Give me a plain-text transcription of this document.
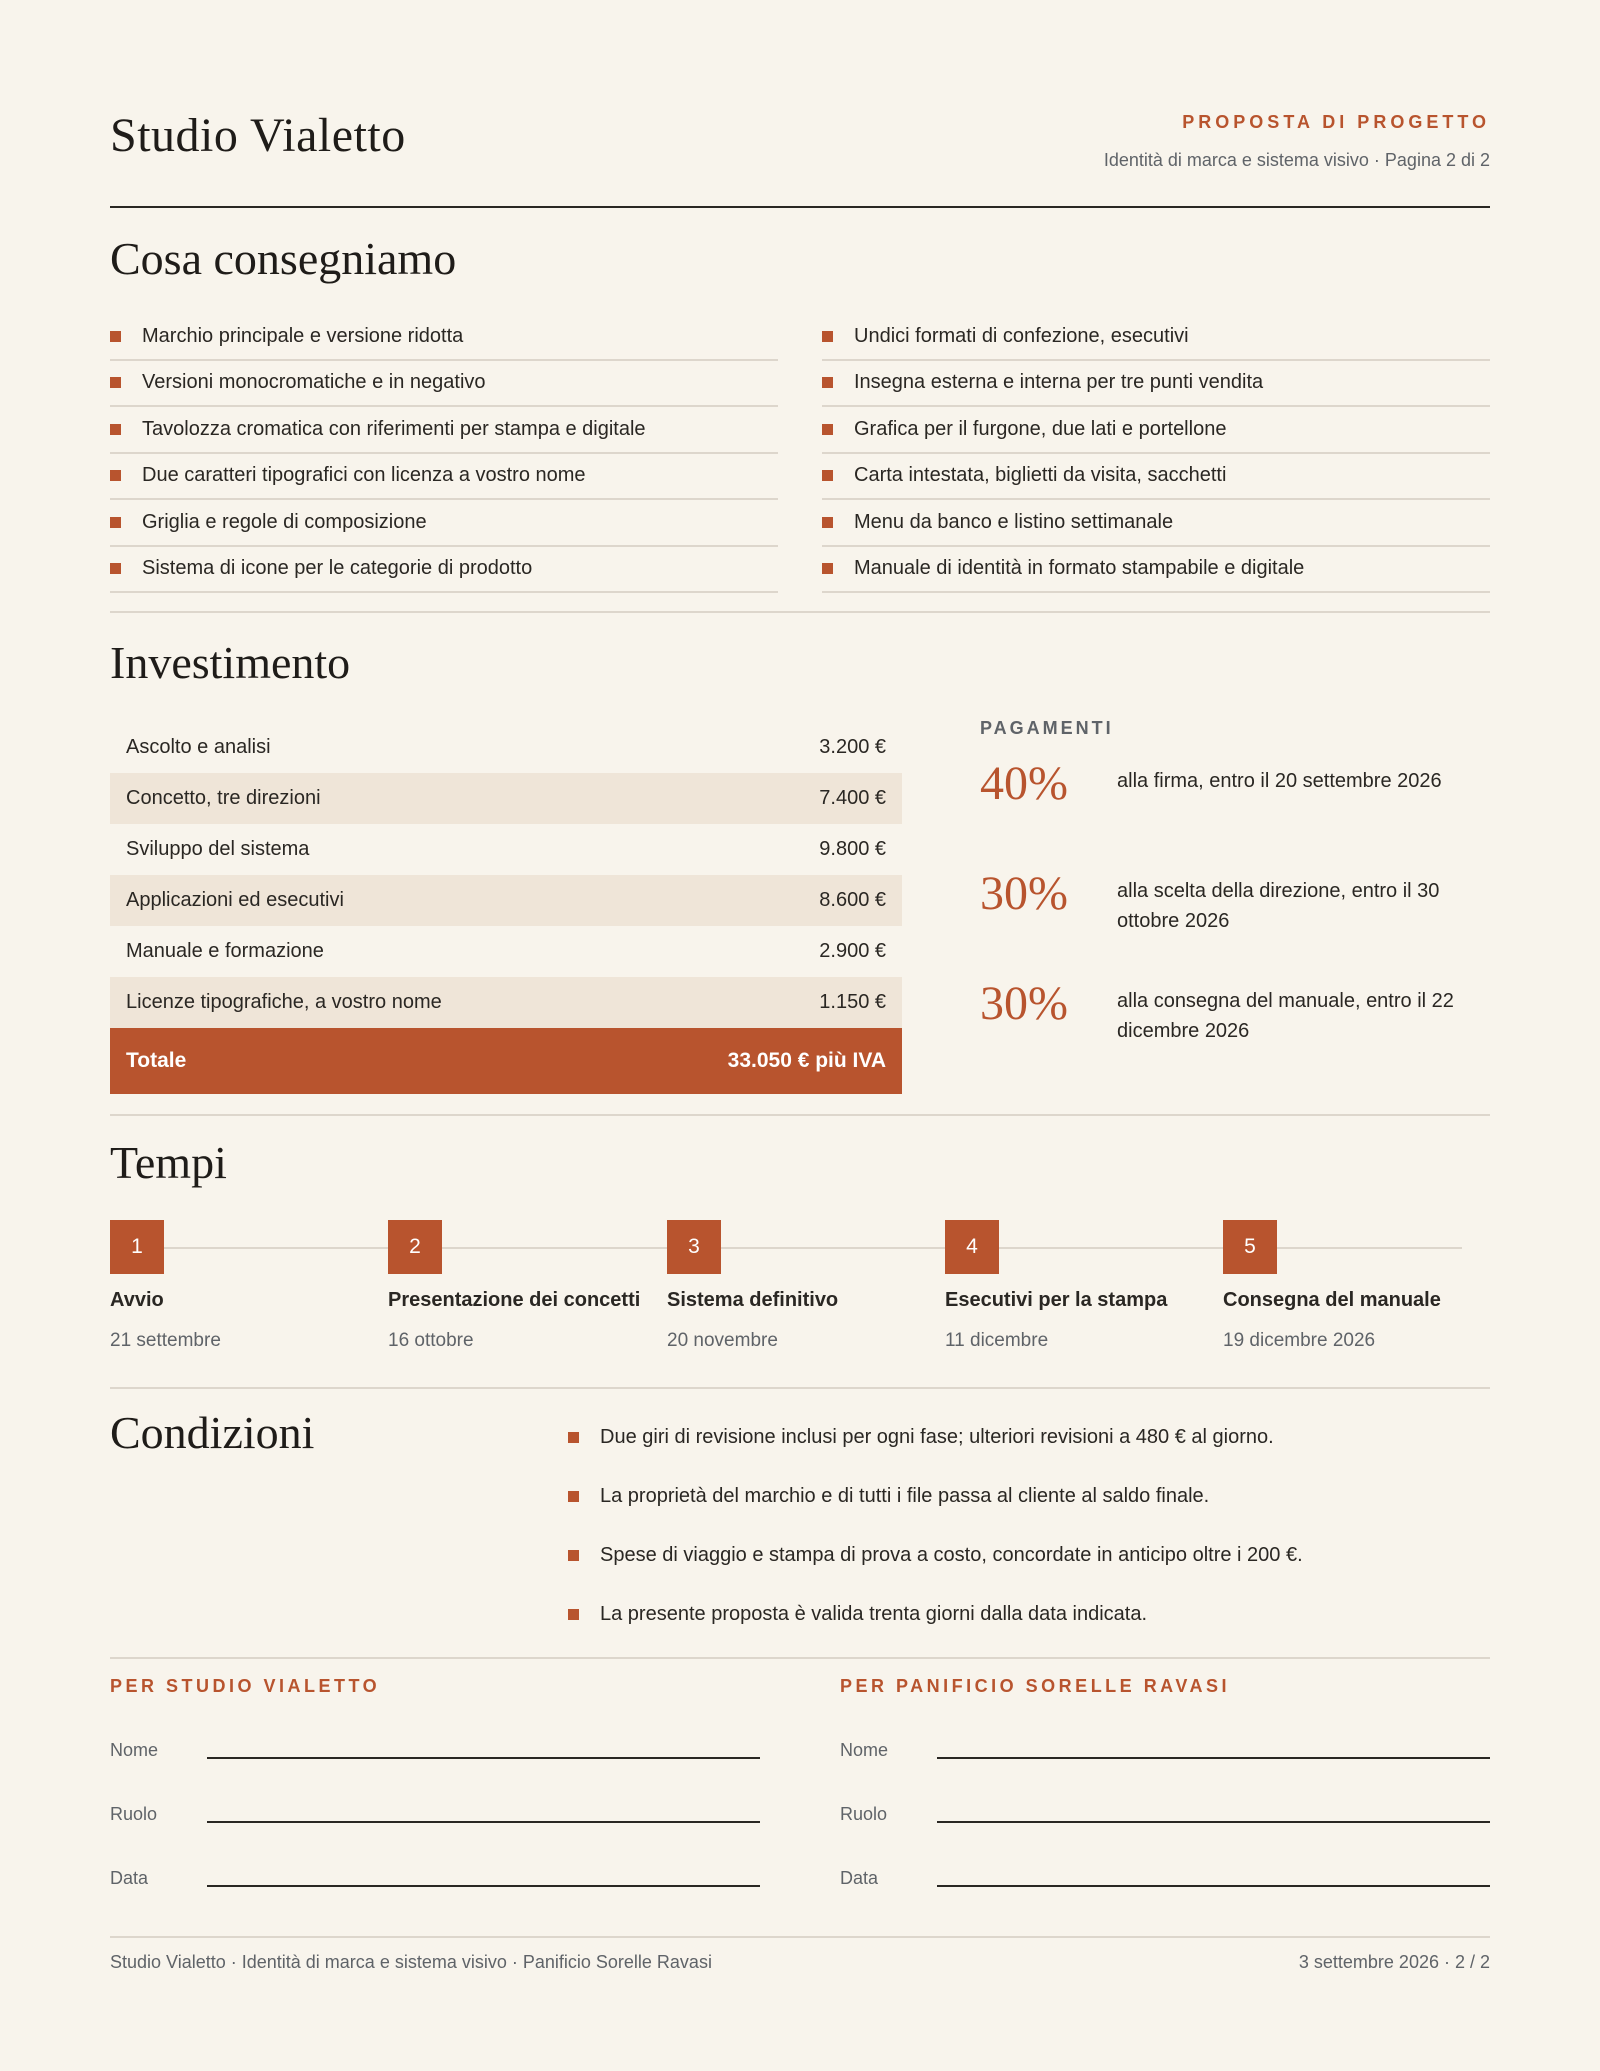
Studio Vialetto	PROPOSTA DI PROGETTO
Identità di marca e sistema visivo · Pagina 2 di 2
Cosa consegniamo
Marchio principale e versione ridotta
Versioni monocromatiche e in negativo
Tavolozza cromatica con riferimenti per stampa e digitale
Due caratteri tipografici con licenza a vostro nome
Griglia e regole di composizione
Sistema di icone per le categorie di prodotto
Undici formati di confezione, esecutivi
Insegna esterna e interna per tre punti vendita
Grafica per il furgone, due lati e portellone
Carta intestata, biglietti da visita, sacchetti
Menu da banco e listino settimanale
Manuale di identità in formato stampabile e digitale
Investimento
Ascolto e analisi	3.200 €
Concetto, tre direzioni	7.400 €
Sviluppo del sistema	9.800 €
Applicazioni ed esecutivi	8.600 €
Manuale e formazione	2.900 €
Licenze tipografiche, a vostro nome	1.150 €
Totale	33.050 € più IVA
PAGAMENTI
40% alla firma, entro il 20 settembre 2026
30% alla scelta della direzione, entro il 30 ottobre 2026
30% alla consegna del manuale, entro il 22 dicembre 2026
Tempi
1
Avvio
21 settembre
2
Presentazione dei concetti
16 ottobre
3
Sistema definitivo
20 novembre
4
Esecutivi per la stampa
11 dicembre
5
Consegna del manuale
19 dicembre 2026
Condizioni	Due giri di revisione inclusi per ogni fase; ulteriori revisioni a 480 € al giorno.
La proprietà del marchio e di tutti i file passa al cliente al saldo finale.
Spese di viaggio e stampa di prova a costo, concordate in anticipo oltre i 200 €.
La presente proposta è valida trenta giorni dalla data indicata.
PER STUDIO VIALETTO
Nome
Ruolo
Data
PER PANIFICIO SORELLE RAVASI
Nome
Ruolo
Data
Studio Vialetto · Identità di marca e sistema visivo · Panificio Sorelle Ravasi	3 settembre 2026 · 2 / 2
